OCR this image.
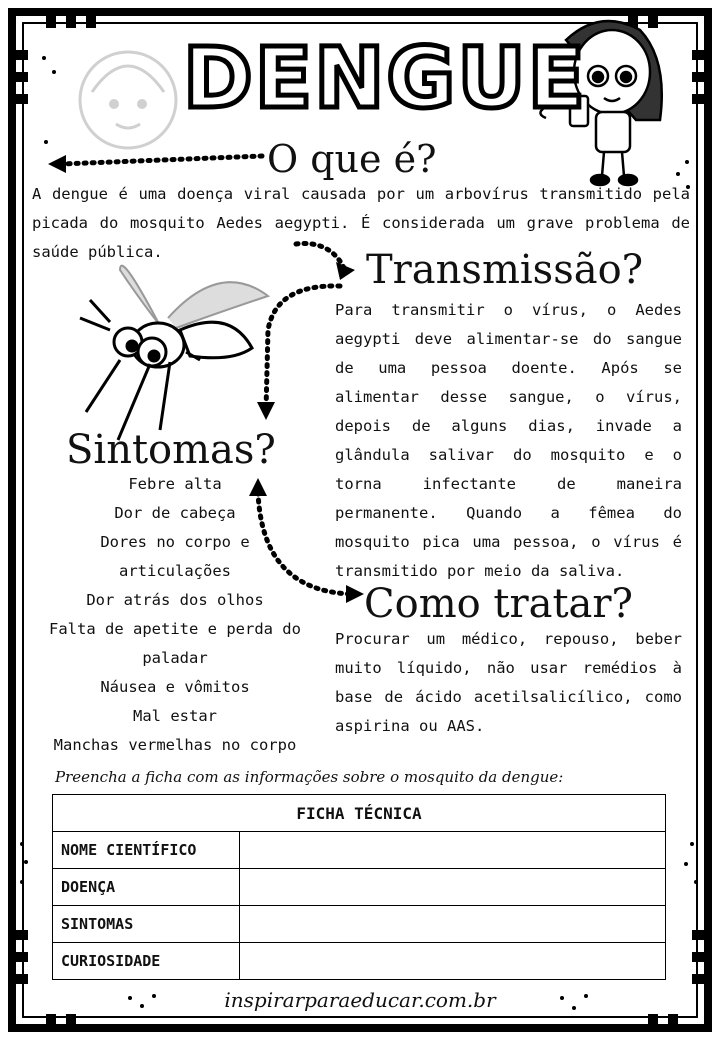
DENGUE
O que é?

A dengue é uma doença viral causada por um arbovírus transmitido pela picada do mosquito Aedes aegypti. É considerada um grave problema de saúde pública.	Transmissão?

Para transmitir o vírus, o Aedes aegypti deve alimentar-se do sangue de uma pessoa doente. Após se alimentar desse sangue, o vírus, depois de alguns dias, invade a glândula salivar do mosquito e o torna infectante de maneira permanente. Quando a fêmea do mosquito pica uma pessoa, o vírus é transmitido por meio da saliva.

Sintomas?
Febre alta
Dor de cabeça
Dores no corpo e
articulações
Dor atrás dos olhos
Falta de apetite e perda do
paladar
Náusea e vômitos
Mal estar
Manchas vermelhas no corpo
Como tratar?

Procurar um médico, repouso, beber muito líquido, não usar remédios à base de ácido acetilsalicílico, como aspirina ou AAS.

Preencha a ficha com as informações sobre o mosquito da dengue:
FICHA TÉCNICA	
NOME CIENTÍFICO	
DOENÇA	
SINTOMAS	
CURIOSIDADE	
inspirarparaeducar.com.br
